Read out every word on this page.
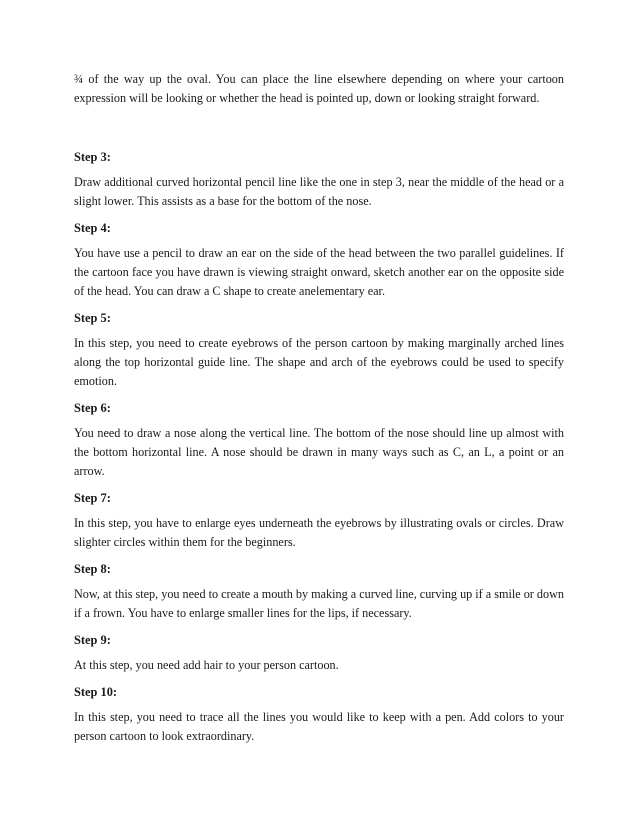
¾ of the way up the oval. You can place the line elsewhere depending on where your cartoon expression will be looking or whether the head is pointed up, down or looking straight forward.

Step 3:

Draw additional curved horizontal pencil line like the one in step 3, near the middle of the head or a slight lower. This assists as a base for the bottom of the nose.

Step 4:

You have use a pencil to draw an ear on the side of the head between the two parallel guidelines. If the cartoon face you have drawn is viewing straight onward, sketch another ear on the opposite side of the head. You can draw a C shape to create anelementary ear.

Step 5:

In this step, you need to create eyebrows of the person cartoon by making marginally arched lines along the top horizontal guide line. The shape and arch of the eyebrows could be used to specify emotion.

Step 6:

You need to draw a nose along the vertical line. The bottom of the nose should line up almost with the bottom horizontal line. A nose should be drawn in many ways such as C, an L, a point or an arrow.

Step 7:

In this step, you have to enlarge eyes underneath the eyebrows by illustrating ovals or circles. Draw slighter circles within them for the beginners.

Step 8:

Now, at this step, you need to create a mouth by making a curved line, curving up if a smile or down if a frown. You have to enlarge smaller lines for the lips, if necessary.

Step 9:

At this step, you need add hair to your person cartoon.

Step 10:

In this step, you need to trace all the lines you would like to keep with a pen. Add colors to your person cartoon to look extraordinary.
